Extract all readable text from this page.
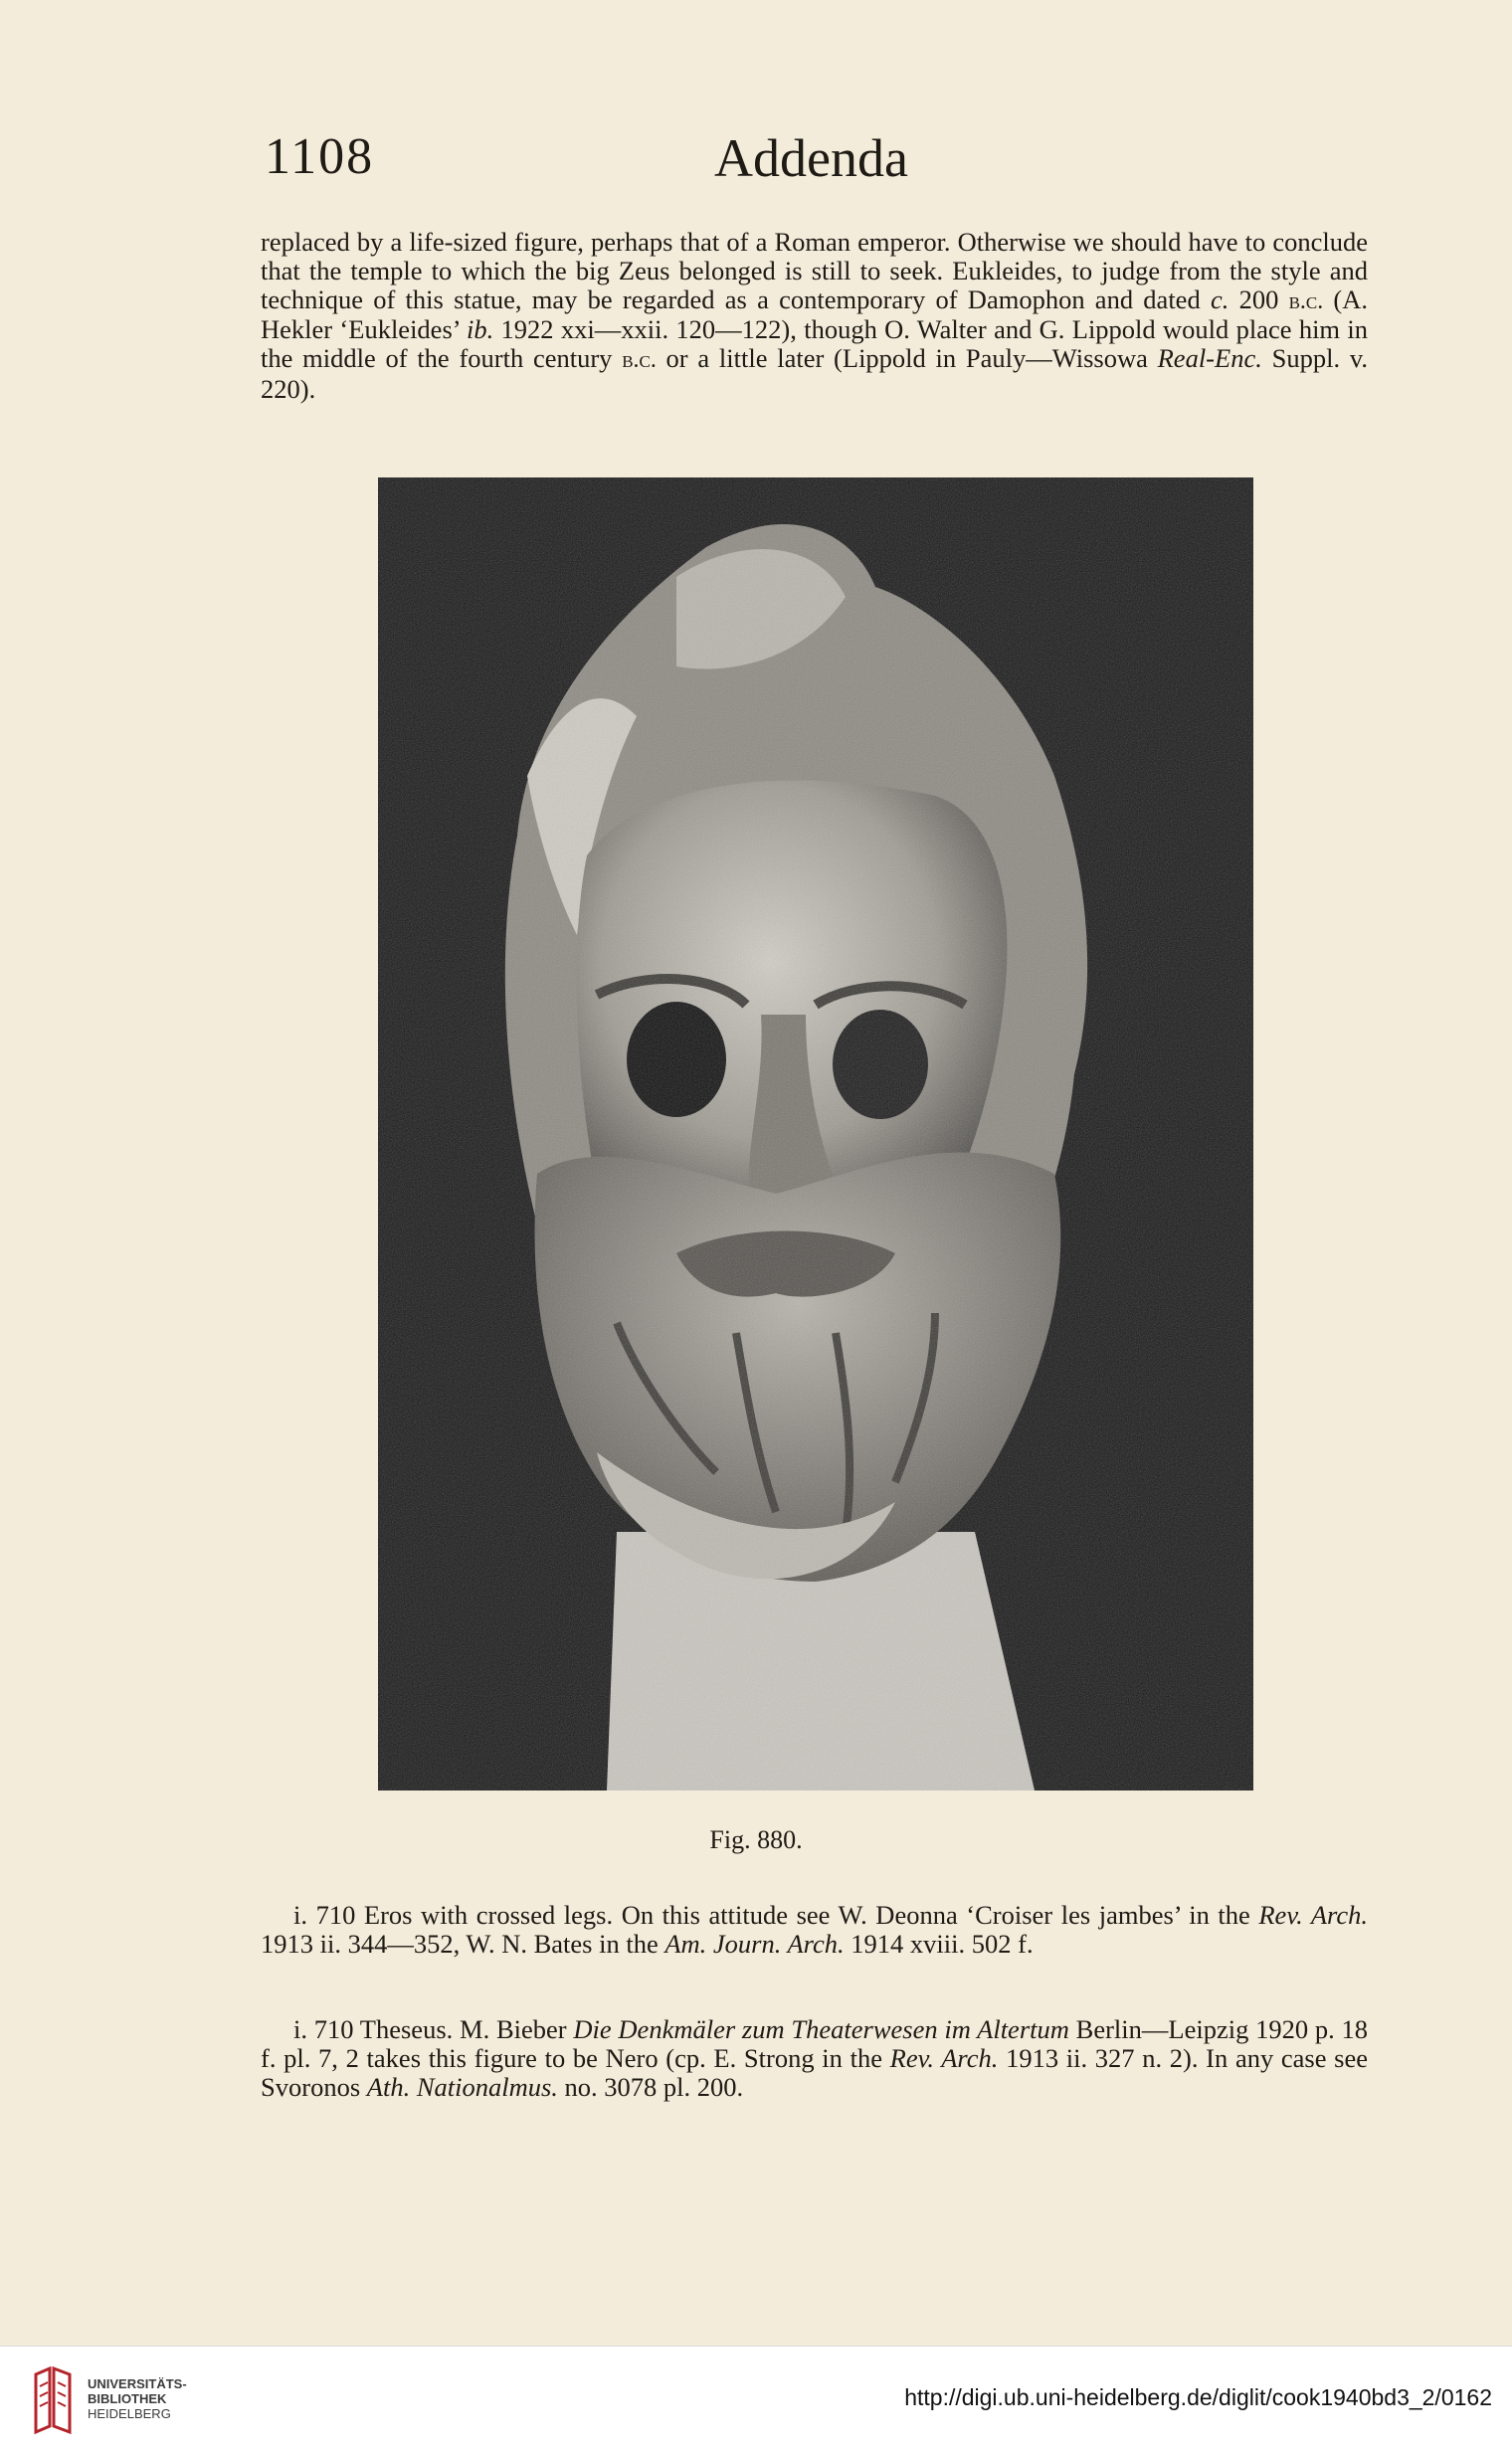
1108	Addenda

replaced by a life-sized figure, perhaps that of a Roman emperor. Otherwise we should have to conclude that the temple to which the big Zeus belonged is still to seek. Eukleides, to judge from the style and technique of this statue, may be regarded as a contemporary of Damophon and dated c. 200 b.c. (A. Hekler ‘Eukleides’ ib. 1922 xxi—xxii. 120—122), though O. Walter and G. Lippold would place him in the middle of the fourth century b.c. or a little later (Lippold in Pauly—Wissowa Real-Enc. Suppl. v. 220).

Fig. 880.

i. 710 Eros with crossed legs. On this attitude see W. Deonna ‘Croiser les jambes’ in the Rev. Arch. 1913 ii. 344—352, W. N. Bates in the Am. Journ. Arch. 1914 xviii. 502 f.

i. 710 Theseus. M. Bieber Die Denkmäler zum Theaterwesen im Altertum Berlin—Leipzig 1920 p. 18 f. pl. 7, 2 takes this figure to be Nero (cp. E. Strong in the Rev. Arch. 1913 ii. 327 n. 2). In any case see Svoronos Ath. Nationalmus. no. 3078 pl. 200.

UNIVERSITÄTS-
BIBLIOTHEK
HEIDELBERG
http://digi.ub.uni-heidelberg.de/diglit/cook1940bd3_2/0162
